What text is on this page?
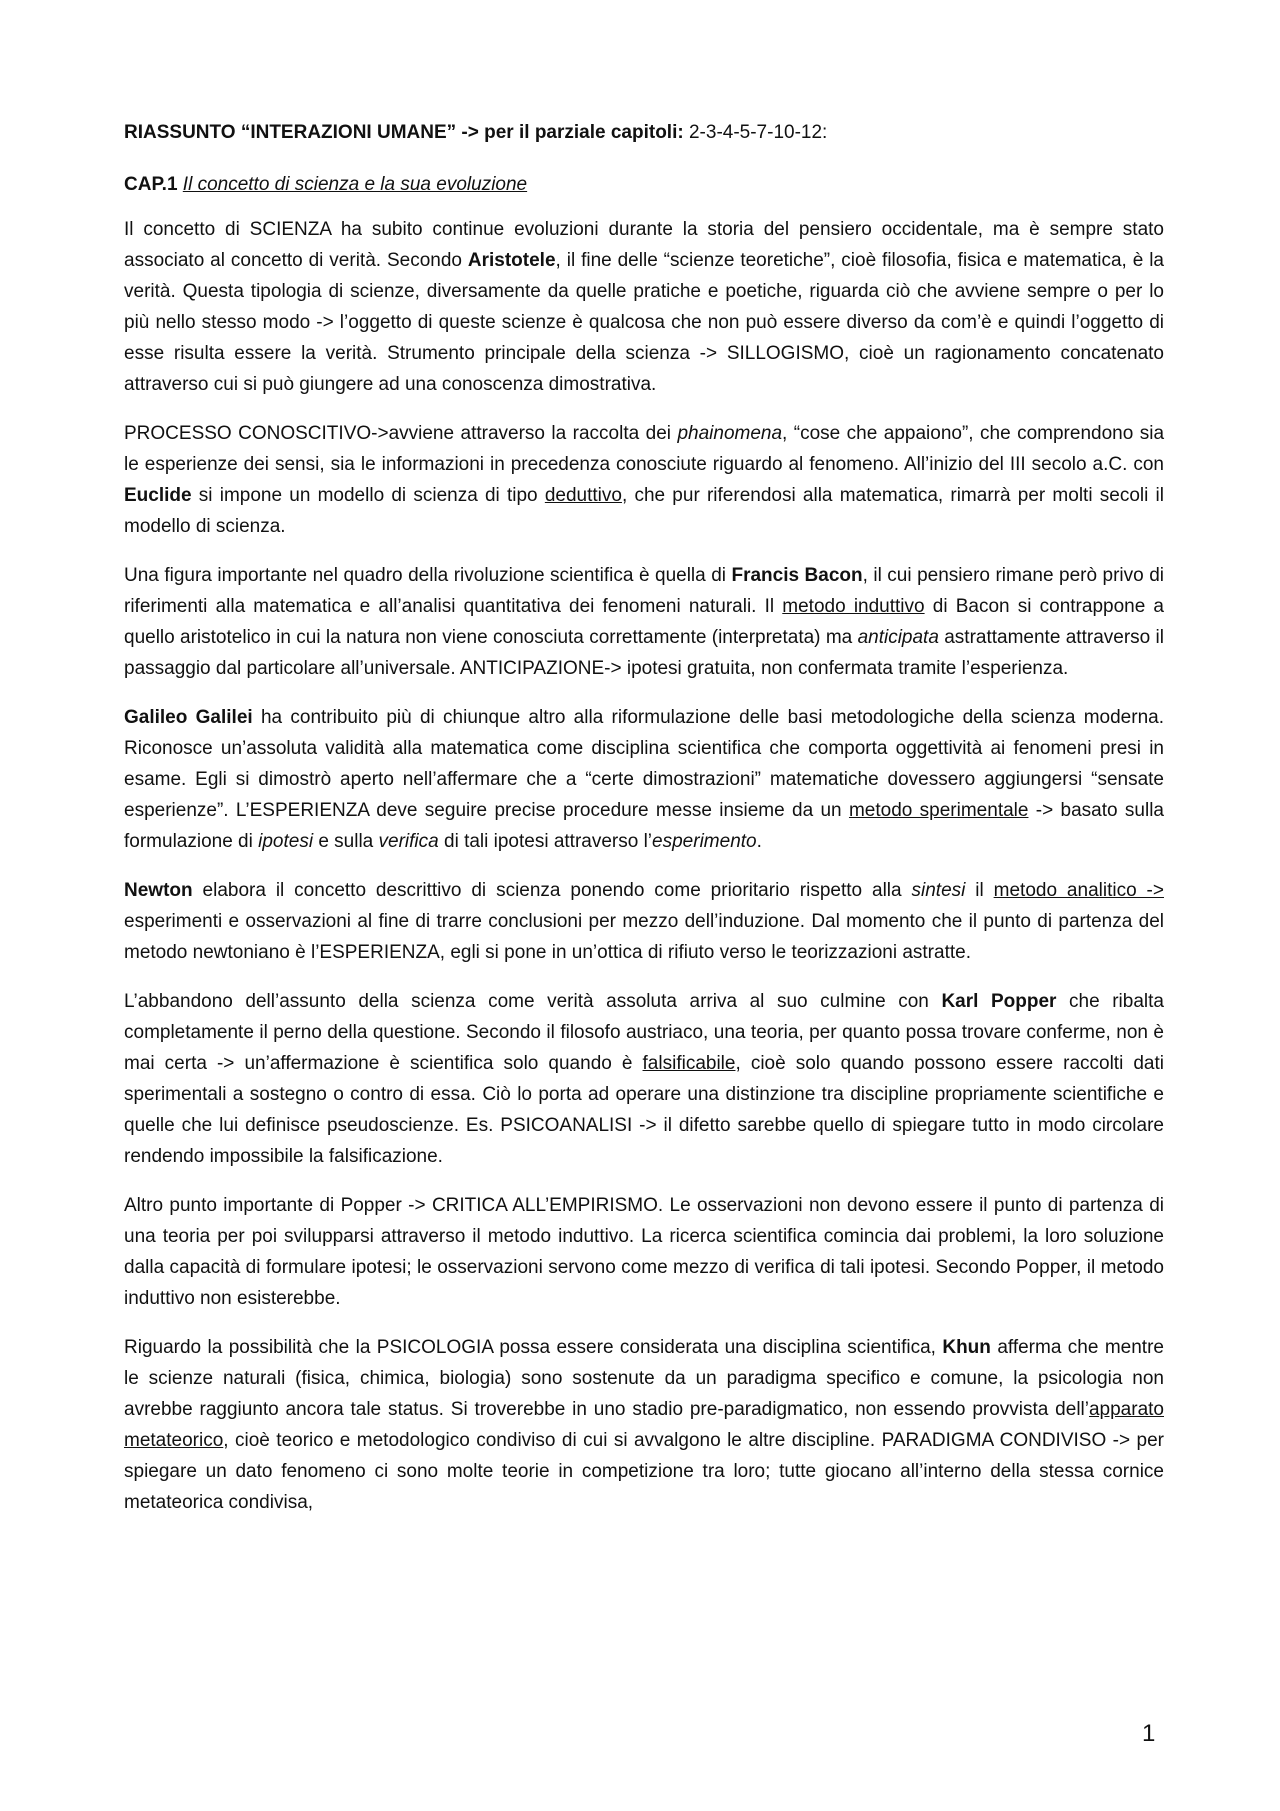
RIASSUNTO “INTERAZIONI UMANE” -> per il parziale capitoli: 2-3-4-5-7-10-12:
CAP.1 Il concetto di scienza e la sua evoluzione

Il concetto di SCIENZA ha subito continue evoluzioni durante la storia del pensiero occidentale, ma è sempre stato associato al concetto di verità. Secondo Aristotele, il fine delle “scienze teoretiche”, cioè filosofia, fisica e matematica, è la verità. Questa tipologia di scienze, diversamente da quelle pratiche e poetiche, riguarda ciò che avviene sempre o per lo più nello stesso modo -> l’oggetto di queste scienze è qualcosa che non può essere diverso da com’è e quindi l’oggetto di esse risulta essere la verità. Strumento principale della scienza -> SILLOGISMO, cioè un ragionamento concatenato attraverso cui si può giungere ad una conoscenza dimostrativa.

PROCESSO CONOSCITIVO->avviene attraverso la raccolta dei phainomena, “cose che appaiono”, che comprendono sia le esperienze dei sensi, sia le informazioni in precedenza conosciute riguardo al fenomeno. All’inizio del III secolo a.C. con Euclide si impone un modello di scienza di tipo deduttivo, che pur riferendosi alla matematica, rimarrà per molti secoli il modello di scienza.

Una figura importante nel quadro della rivoluzione scientifica è quella di Francis Bacon, il cui pensiero rimane però privo di riferimenti alla matematica e all’analisi quantitativa dei fenomeni naturali. Il metodo induttivo di Bacon si contrappone a quello aristotelico in cui la natura non viene conosciuta correttamente (interpretata) ma anticipata astrattamente attraverso il passaggio dal particolare all’universale. ANTICIPAZIONE-> ipotesi gratuita, non confermata tramite l’esperienza.

Galileo Galilei ha contribuito più di chiunque altro alla riformulazione delle basi metodologiche della scienza moderna. Riconosce un’assoluta validità alla matematica come disciplina scientifica che comporta oggettività ai fenomeni presi in esame. Egli si dimostrò aperto nell’affermare che a “certe dimostrazioni” matematiche dovessero aggiungersi “sensate esperienze”. L’ESPERIENZA deve seguire precise procedure messe insieme da un metodo sperimentale -> basato sulla formulazione di ipotesi e sulla verifica di tali ipotesi attraverso l’esperimento.

Newton elabora il concetto descrittivo di scienza ponendo come prioritario rispetto alla sintesi il metodo analitico -> esperimenti e osservazioni al fine di trarre conclusioni per mezzo dell’induzione. Dal momento che il punto di partenza del metodo newtoniano è l’ESPERIENZA, egli si pone in un’ottica di rifiuto verso le teorizzazioni astratte.

L’abbandono dell’assunto della scienza come verità assoluta arriva al suo culmine con Karl Popper che ribalta completamente il perno della questione. Secondo il filosofo austriaco, una teoria, per quanto possa trovare conferme, non è mai certa -> un’affermazione è scientifica solo quando è falsificabile, cioè solo quando possono essere raccolti dati sperimentali a sostegno o contro di essa. Ciò lo porta ad operare una distinzione tra discipline propriamente scientifiche e quelle che lui definisce pseudoscienze. Es. PSICOANALISI -> il difetto sarebbe quello di spiegare tutto in modo circolare rendendo impossibile la falsificazione.

Altro punto importante di Popper -> CRITICA ALL’EMPIRISMO. Le osservazioni non devono essere il punto di partenza di una teoria per poi svilupparsi attraverso il metodo induttivo. La ricerca scientifica comincia dai problemi, la loro soluzione dalla capacità di formulare ipotesi; le osservazioni servono come mezzo di verifica di tali ipotesi. Secondo Popper, il metodo induttivo non esisterebbe.

Riguardo la possibilità che la PSICOLOGIA possa essere considerata una disciplina scientifica, Khun afferma che mentre le scienze naturali (fisica, chimica, biologia) sono sostenute da un paradigma specifico e comune, la psicologia non avrebbe raggiunto ancora tale status. Si troverebbe in uno stadio pre-paradigmatico, non essendo provvista dell’apparato metateorico, cioè teorico e metodologico condiviso di cui si avvalgono le altre discipline. PARADIGMA CONDIVISO -> per spiegare un dato fenomeno ci sono molte teorie in competizione tra loro; tutte giocano all’interno della stessa cornice metateorica condivisa,

1
